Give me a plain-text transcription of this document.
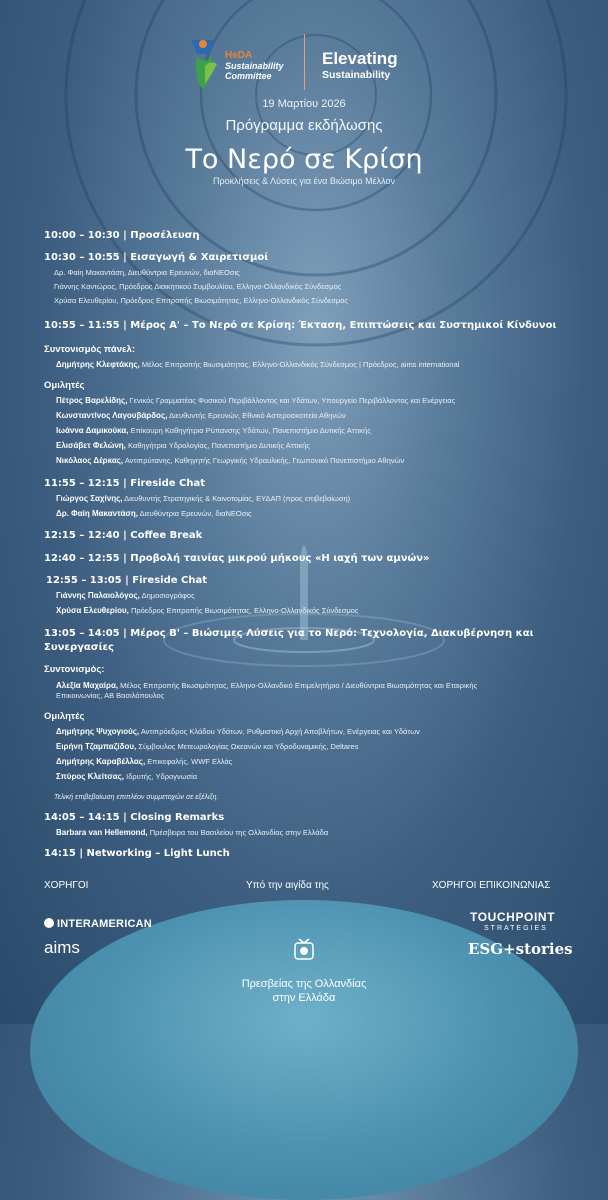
HeDA
Sustainability
Committee
Elevating
Sustainability
19 Μαρτίου 2026
Πρόγραμμα εκδήλωσης
Το Νερό σε Κρίση
Προκλήσεις & Λύσεις για ένα Βιώσιμο Μέλλον
10:00 – 10:30 | Προσέλευση
10:30 – 10:55 | Εισαγωγή & Χαιρετισμοί
Δρ. Φαίη Μακαντάση, Διευθύντρια Ερευνών, διαΝΕΟσις
Γιάννης Καντώρος, Πρόεδρος Διοικητικού Συμβουλίου, Ελληνο-Ολλανδικός Σύνδεσμος
Χρύσα Ελευθερίου, Πρόεδρος Επιτροπής Βιωσιμότητας, Ελληνο-Ολλανδικός Σύνδεσμος
10:55 – 11:55 | Μέρος Α' – Το Νερό σε Κρίση: Έκταση, Επιπτώσεις και Συστημικοί Κίνδυνοι
Συντονισμός πάνελ:
Δημήτρης Κλεφτάκης, Μέλος Επιτροπής Βιωσιμότητας, Ελληνο-Ολλανδικός Σύνδεσμος | Πρόεδρος, aims international
Ομιλητές
Πέτρος Βαρελίδης, Γενικός Γραμματέας Φυσικού Περιβάλλοντος και Υδάτων, Υπουργείο Περιβάλλοντος και Ενέργειας
Κωνσταντίνος Λαγουβάρδος, Διευθυντής Ερευνών, Εθνικό Αστεροσκοπείο Αθηνών
Ιωάννα Δαμικούκα, Επίκουρη Καθηγήτρια Ρύπανσης Υδάτων, Πανεπιστήμιο Δυτικής Αττικής
Ελισάβετ Φελώνη, Καθηγήτρια Υδρολογίας, Πανεπιστήμιο Δυτικής Αττικής
Νικόλαος Δέρκας, Αντιπρύτανης, Καθηγητής Γεωργικής Υδραυλικής, Γεωπονικό Πανεπιστήμιο Αθηνών
11:55 – 12:15 | Fireside Chat
Γιώργος Σαχίνης, Διευθυντής Στρατηγικής & Καινοτομίας, ΕΥΔΑΠ (προς επιβεβαίωση)
Δρ. Φαίη Μακαντάση, Διευθύντρια Ερευνών, διαΝΕΟσις
12:15 – 12:40 | Coffee Break
12:40 – 12:55 | Προβολή ταινίας μικρού μήκους «Η ιαχή των αμνών»
12:55 – 13:05 | Fireside Chat
Γιάννης Παλαιολόγος, Δημοσιογράφος
Χρύσα Ελευθερίου, Πρόεδρος Επιτροπής Βιωσιμότητας, Ελληνο-Ολλανδικός Σύνδεσμος
13:05 – 14:05 | Μέρος Β' – Βιώσιμες Λύσεις για το Νερό: Τεχνολογία, Διακυβέρνηση και
Συνεργασίες
Συντονισμός:
Αλεξία Μαχαίρα, Μέλος Επιτροπής Βιωσιμότητας, Ελληνο-Ολλανδικό Επιμελητήριο / Διευθύντρια Βιωσιμότητας και Εταιρικής
Επικοινωνίας, ΑΒ Βασιλόπουλος
Ομιλητές
Δημήτρης Ψυχογιούς, Αντιπρόεδρος Κλάδου Υδάτων, Ρυθμιστική Αρχή Αποβλήτων, Ενέργειας και Υδάτων
Ειρήνη Τζαμπαζίδου, Σύμβουλος Μετεωρολογίας Ωκεανών και Υδροδυναμικής, Deltares
Δημήτρης Καραβέλλας, Επικεφαλής, WWF Ελλάς
Σπύρος Κλείτσας, Ιδρυτής, Υδρογνωσία
Τελική επιβεβαίωση επιπλέον συμμετοχών σε εξέλιξη.
14:05 – 14:15 | Closing Remarks
Barbara van Hellemond, Πρέσβειρα του Βασιλείου της Ολλανδίας στην Ελλάδα
14:15 | Networking – Light Lunch
ΧΟΡΗΓΟΙ	Υπό την αιγίδα της	ΧΟΡΗΓΟΙ ΕΠΙΚΟΙΝΩΝΙΑΣ
INTERAMERICAN
aims
Πρεσβείας της Ολλανδίας
στην Ελλάδα
TOUCHPOINT
STRATEGIES
ESG+stories
